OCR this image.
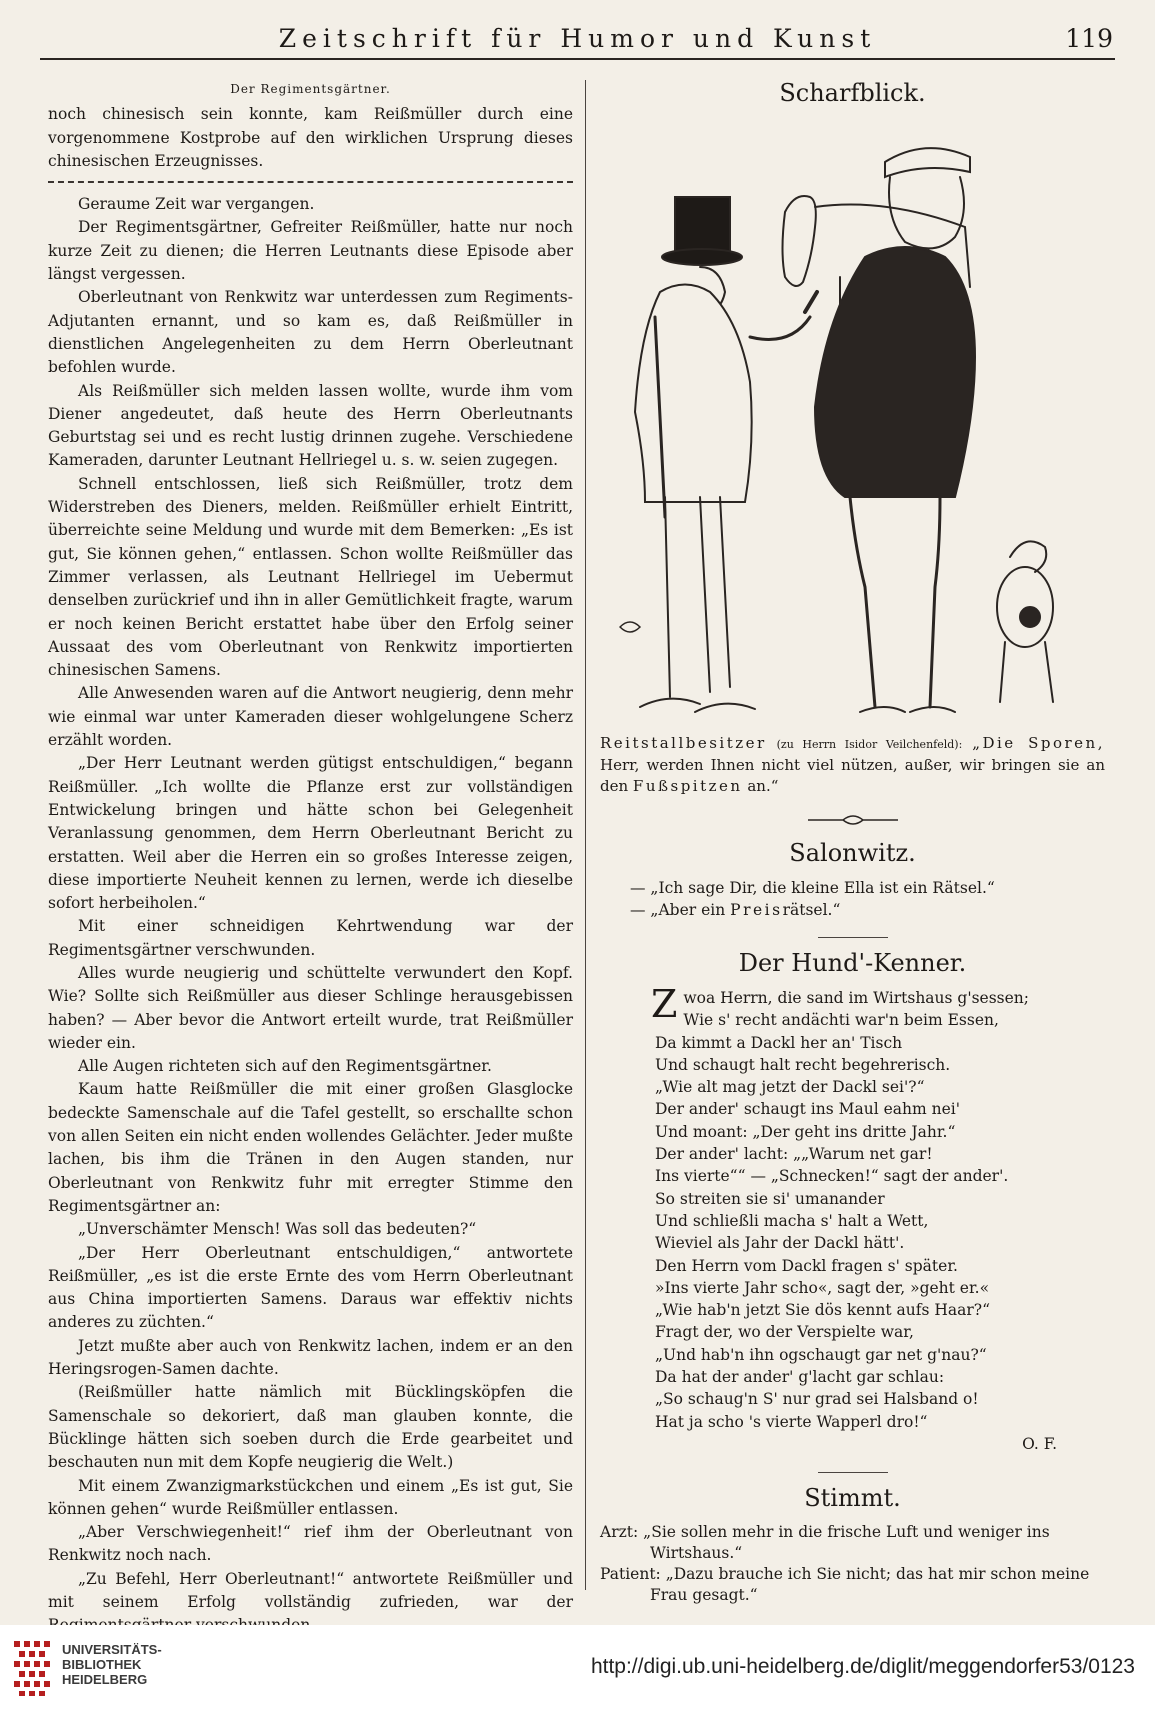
Zeitschrift für Humor und Kunst	119
Der Regimentsgärtner.

noch chinesisch sein konnte, kam Reißmüller durch eine vorgenommene Kostprobe auf den wirklichen Ursprung dieses chinesischen Erzeugnisses.

Geraume Zeit war vergangen.

Der Regimentsgärtner, Gefreiter Reißmüller, hatte nur noch kurze Zeit zu dienen; die Herren Leutnants diese Episode aber längst vergessen.

Oberleutnant von Renkwitz war unterdessen zum Regiments-Adjutanten ernannt, und so kam es, daß Reißmüller in dienstlichen Angelegenheiten zu dem Herrn Oberleutnant befohlen wurde.

Als Reißmüller sich melden lassen wollte, wurde ihm vom Diener angedeutet, daß heute des Herrn Oberleutnants Geburtstag sei und es recht lustig drinnen zugehe. Verschiedene Kameraden, darunter Leutnant Hellriegel u. s. w. seien zugegen.

Schnell entschlossen, ließ sich Reißmüller, trotz dem Widerstreben des Dieners, melden. Reißmüller erhielt Eintritt, überreichte seine Meldung und wurde mit dem Bemerken: „Es ist gut, Sie können gehen,“ entlassen. Schon wollte Reißmüller das Zimmer verlassen, als Leutnant Hellriegel im Uebermut denselben zurückrief und ihn in aller Gemütlichkeit fragte, warum er noch keinen Bericht erstattet habe über den Erfolg seiner Aussaat des vom Oberleutnant von Renkwitz importierten chinesischen Samens.

Alle Anwesenden waren auf die Antwort neugierig, denn mehr wie einmal war unter Kameraden dieser wohlgelungene Scherz erzählt worden.

„Der Herr Leutnant werden gütigst entschuldigen,“ begann Reißmüller. „Ich wollte die Pflanze erst zur vollständigen Entwickelung bringen und hätte schon bei Gelegenheit Veranlassung genommen, dem Herrn Oberleutnant Bericht zu erstatten. Weil aber die Herren ein so großes Interesse zeigen, diese importierte Neuheit kennen zu lernen, werde ich dieselbe sofort herbeiholen.“

Mit einer schneidigen Kehrtwendung war der Regimentsgärtner verschwunden.

Alles wurde neugierig und schüttelte verwundert den Kopf. Wie? Sollte sich Reißmüller aus dieser Schlinge herausgebissen haben? — Aber bevor die Antwort erteilt wurde, trat Reißmüller wieder ein.

Alle Augen richteten sich auf den Regimentsgärtner.

Kaum hatte Reißmüller die mit einer großen Glasglocke bedeckte Samenschale auf die Tafel gestellt, so erschallte schon von allen Seiten ein nicht enden wollendes Gelächter. Jeder mußte lachen, bis ihm die Tränen in den Augen standen, nur Oberleutnant von Renkwitz fuhr mit erregter Stimme den Regimentsgärtner an:

„Unverschämter Mensch! Was soll das bedeuten?“

„Der Herr Oberleutnant entschuldigen,“ antwortete Reißmüller, „es ist die erste Ernte des vom Herrn Oberleutnant aus China importierten Samens. Daraus war effektiv nichts anderes zu züchten.“

Jetzt mußte aber auch von Renkwitz lachen, indem er an den Heringsrogen-Samen dachte.

(Reißmüller hatte nämlich mit Bücklingsköpfen die Samenschale so dekoriert, daß man glauben konnte, die Bücklinge hätten sich soeben durch die Erde gearbeitet und beschauten nun mit dem Kopfe neugierig die Welt.)

Mit einem Zwanzigmarkstückchen und einem „Es ist gut, Sie können gehen“ wurde Reißmüller entlassen.

„Aber Verschwiegenheit!“ rief ihm der Oberleutnant von Renkwitz noch nach.

„Zu Befehl, Herr Oberleutnant!“ antwortete Reißmüller und mit seinem Erfolg vollständig zufrieden, war der

Scharfblick.
Reitstallbesitzer (zu Herrn Isidor Veilchenfeld): „Die Sporen, Herr, werden Ihnen nicht viel nützen, außer, wir bringen sie an den Fußspitzen an.“
Salonwitz.
— „Ich sage Dir, die kleine Ella ist ein Rätsel.“
— „Aber ein Preisrätsel.“
Der Hund'-Kenner.
Z woa Herrn, die sand im Wirtshaus g'sessen;
Wie s' recht andächti war'n beim Essen,
Da kimmt a Dackl her an' Tisch
Und schaugt halt recht begehrerisch.
„Wie alt mag jetzt der Dackl sei'?“
Der ander' schaugt ins Maul eahm nei'
Und moant: „Der geht ins dritte Jahr.“
Der ander' lacht: „„Warum net gar!
Ins vierte““ — „Schnecken!“ sagt der ander'.
So streiten sie si' umanander
Und schließli macha s' halt a Wett,
Wieviel als Jahr der Dackl hätt'.
Den Herrn vom Dackl fragen s' später.
»Ins vierte Jahr scho«, sagt der, »geht er.«
„Wie hab'n jetzt Sie dös kennt aufs Haar?“
Fragt der, wo der Verspielte war,
„Und hab'n ihn ogschaugt gar net g'nau?“
Da hat der ander' g'lacht gar schlau:
„So schaug'n S' nur grad sei Halsband o!
Hat ja scho 's vierte Wapperl dro!“
O. F.
Stimmt.
Arzt: „Sie sollen mehr in die frische Luft und weniger ins Wirtshaus.“
Patient: „Dazu brauche ich Sie nicht; das hat mir schon meine Frau gesagt.“
UNIVERSITÄTS-
BIBLIOTHEK
HEIDELBERG
http://digi.ub.uni-heidelberg.de/diglit/meggendorfer53/0123
